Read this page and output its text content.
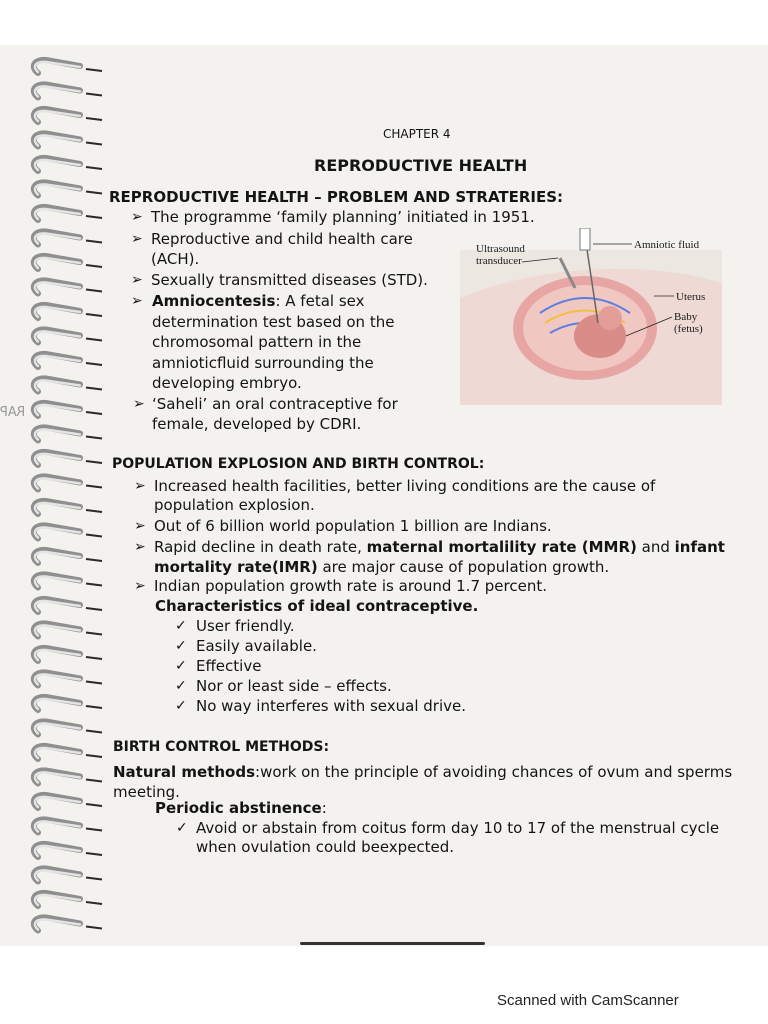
RAP
CHAPTER 4
REPRODUCTIVE HEALTH
REPRODUCTIVE HEALTH – PROBLEM AND STRATERIES:
➢ The programme ‘family planning’ initiated in 1951.
➢ Reproductive and child health care
(ACH).
➢ Sexually transmitted diseases (STD).
➢ Amniocentesis: A fetal sex
determination test based on the
chromosomal pattern in the
amnioticfluid surrounding the
developing embryo.
➢ ‘Saheli’ an oral contraceptive for
female, developed by CDRI.
Ultrasound
transducer
Amniotic fluid
Uterus
Baby
(fetus)
POPULATION EXPLOSION AND BIRTH CONTROL:
➢ Increased health facilities, better living conditions are the cause of
population explosion.
➢ Out of 6 billion world population 1 billion are Indians.
➢ Rapid decline in death rate, maternal mortalility rate (MMR) and infant
mortality rate(IMR) are major cause of population growth.
➢ Indian population growth rate is around 1.7 percent.
Characteristics of ideal contraceptive.
✓ User friendly.
✓ Easily available.
✓ Effective
✓ Nor or least side – effects.
✓ No way interferes with sexual drive.
BIRTH CONTROL METHODS:
Natural methods:work on the principle of avoiding chances of ovum and sperms
meeting.
Periodic abstinence:
✓ Avoid or abstain from coitus form day 10 to 17 of the menstrual cycle
when ovulation could beexpected.
Scanned with CamScanner
